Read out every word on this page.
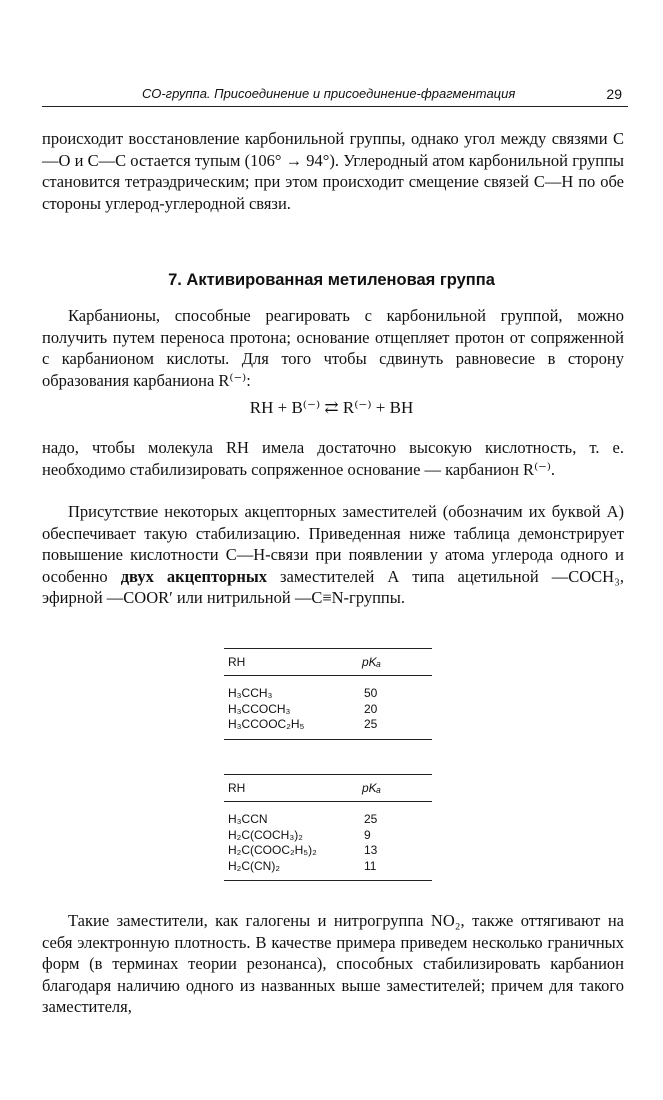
СО-группа. Присоединение и присоединение-фрагментация	29
происходит восстановление карбонильной группы, однако угол между связями С—O и С—С остается тупым (106° → 94°). Углеродный атом карбонильной группы становится тетраэдрическим; при этом происходит смещение связей С—Н по обе стороны углерод-углеродной связи.
7. Активированная метиленовая группа
Карбанионы, способные реагировать с карбонильной группой, можно получить путем переноса протона; основание отщепляет протон от сопряженной с карбанионом кислоты. Для того чтобы сдвинуть равновесие в сторону образования карбаниона R⁽⁻⁾:
RH + B⁽⁻⁾ ⇄ R⁽⁻⁾ + BH
надо, чтобы молекула RH имела достаточно высокую кислотность, т. е. необходимо стабилизировать сопряженное основание — карбанион R⁽⁻⁾.
Присутствие некоторых акцепторных заместителей (обозначим их буквой А) обеспечивает такую стабилизацию. Приведенная ниже таблица демонстрирует повышение кислотности С—Н-связи при появлении у атома углерода одного и особенно двух акцепторных заместителей А типа ацетильной —COCH₃, эфирной —COOR′ или нитрильной —C≡N-группы.
RH	pKₐ
H₃CCH₃	50
H₃CCOCH₃	20
H₃CCOOC₂H₅	25
RH	pKₐ
H₃CCN	25
H₂C(COCH₃)₂	9
H₂C(COOC₂H₅)₂	13
H₂C(CN)₂	11
Такие заместители, как галогены и нитрогруппа NO₂, также оттягивают на себя электронную плотность. В качестве примера приведем несколько граничных форм (в терминах теории резонанса), способных стабилизировать карбанион благодаря наличию одного из названных выше заместителей; причем для такого заместителя,
